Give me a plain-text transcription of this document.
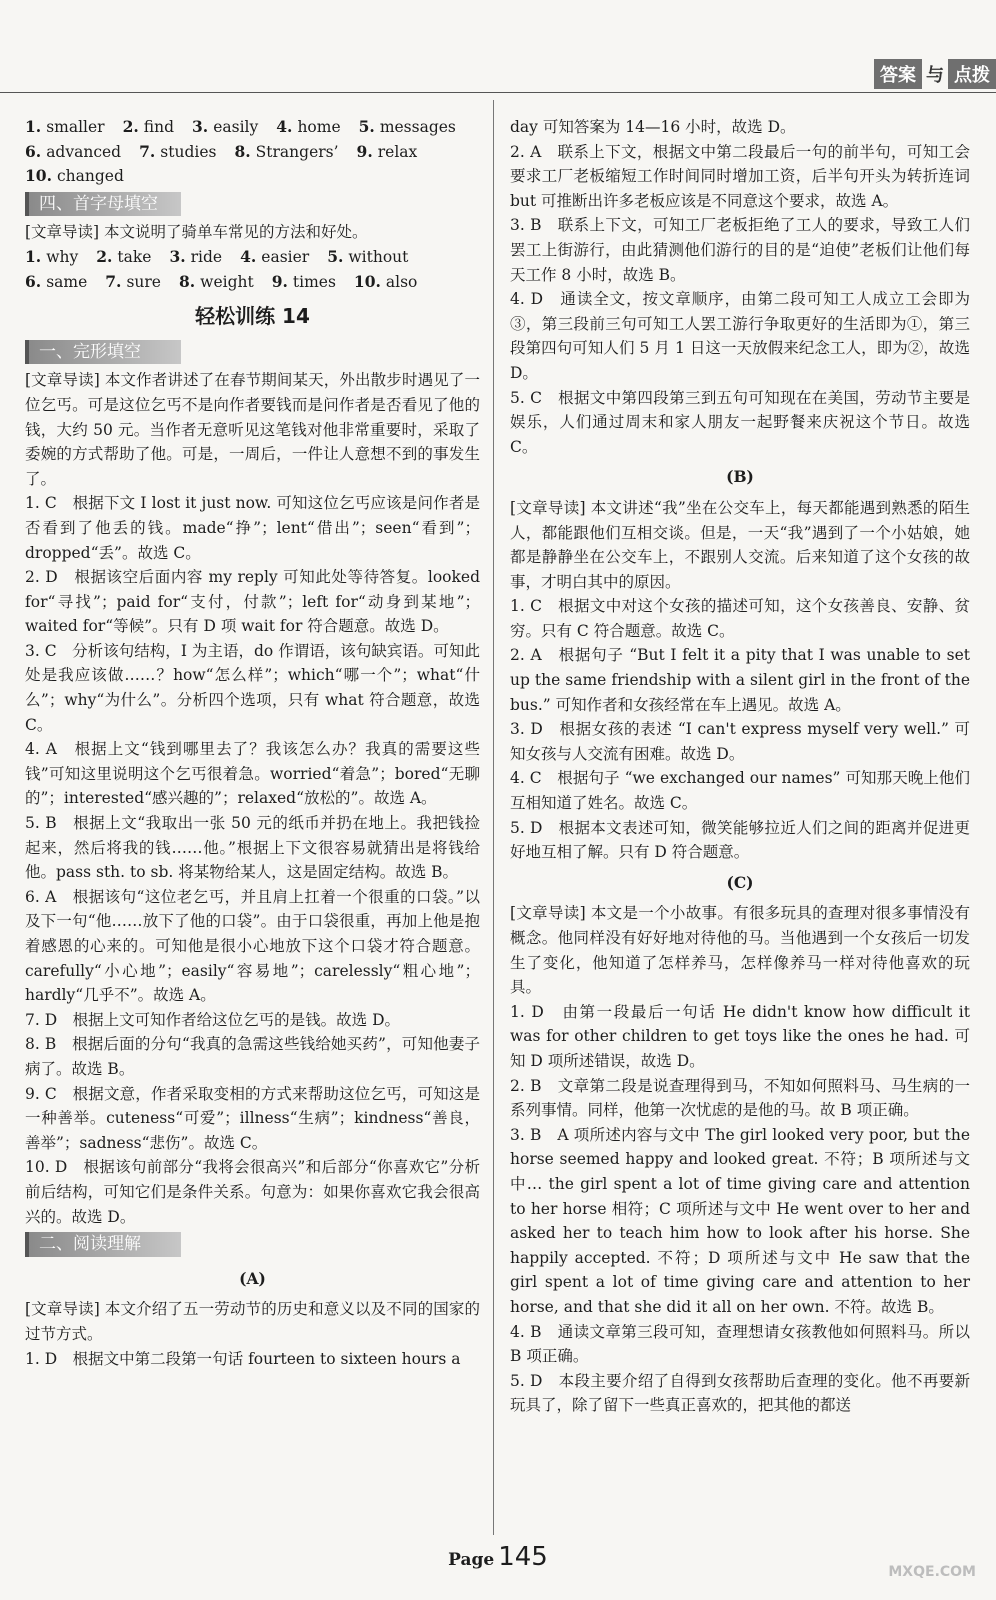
答案 与 点拨
1. smaller 2. find 3. easily 4. home 5. messages
6. advanced 7. studies 8. Strangers’ 9. relax
10. changed
四、首字母填空

[文章导读] 本文说明了骑单车常见的方法和好处。

1. why 2. take 3. ride 4. easier 5. without
6. same 7. sure 8. weight 9. times 10. also
轻松训练 14
一、完形填空

[文章导读] 本文作者讲述了在春节期间某天，外出散步时遇见了一位乞丐。可是这位乞丐不是向作者要钱而是问作者是否看见了他的钱，大约 50 元。当作者无意听见这笔钱对他非常重要时，采取了委婉的方式帮助了他。可是，一周后，一件让人意想不到的事发生了。

1. C　根据下文 I lost it just now. 可知这位乞丐应该是问作者是否看到了他丢的钱。made“挣”；lent“借出”；seen“看到”；dropped“丢”。故选 C。

2. D　根据该空后面内容 my reply 可知此处等待答复。looked for“寻找”；paid for“支付，付款”；left for“动身到某地”；waited for“等候”。只有 D 项 wait for 符合题意。故选 D。

3. C　分析该句结构，I 为主语，do 作谓语，该句缺宾语。可知此处是我应该做……？how“怎么样”；which“哪一个”；what“什么”；why“为什么”。分析四个选项，只有 what 符合题意，故选 C。

4. A　根据上文“钱到哪里去了？我该怎么办？我真的需要这些钱”可知这里说明这个乞丐很着急。worried“着急”；bored“无聊的”；interested“感兴趣的”；relaxed“放松的”。故选 A。

5. B　根据上文“我取出一张 50 元的纸币并扔在地上。我把钱捡起来，然后将我的钱……他。”根据上下文很容易就猜出是将钱给他。pass sth. to sb. 将某物给某人，这是固定结构。故选 B。

6. A　根据该句“这位老乞丐，并且肩上扛着一个很重的口袋。”以及下一句“他……放下了他的口袋”。由于口袋很重，再加上他是抱着感恩的心来的。可知他是很小心地放下这个口袋才符合题意。carefully“小心地”；easily“容易地”；carelessly“粗心地”；hardly“几乎不”。故选 A。

7. D　根据上文可知作者给这位乞丐的是钱。故选 D。

8. B　根据后面的分句“我真的急需这些钱给她买药”，可知他妻子病了。故选 B。

9. C　根据文意，作者采取变相的方式来帮助这位乞丐，可知这是一种善举。cuteness“可爱”；illness“生病”；kindness“善良，善举”；sadness“悲伤”。故选 C。

10. D　根据该句前部分“我将会很高兴”和后部分“你喜欢它”分析前后结构，可知它们是条件关系。句意为：如果你喜欢它我会很高兴的。故选 D。

二、阅读理解
(A)

[文章导读] 本文介绍了五一劳动节的历史和意义以及不同的国家的过节方式。

1. D　根据文中第二段第一句话 fourteen to sixteen hours a

day 可知答案为 14—16 小时，故选 D。

2. A　联系上下文，根据文中第二段最后一句的前半句，可知工会要求工厂老板缩短工作时间同时增加工资，后半句开头为转折连词 but 可推断出许多老板应该是不同意这个要求，故选 A。

3. B　联系上下文，可知工厂老板拒绝了工人的要求，导致工人们罢工上街游行，由此猜测他们游行的目的是“迫使”老板们让他们每天工作 8 小时，故选 B。

4. D　通读全文，按文章顺序，由第二段可知工人成立工会即为③，第三段前三句可知工人罢工游行争取更好的生活即为①，第三段第四句可知人们 5 月 1 日这一天放假来纪念工人，即为②，故选 D。

5. C　根据文中第四段第三到五句可知现在在美国，劳动节主要是娱乐，人们通过周末和家人朋友一起野餐来庆祝这个节日。故选 C。

(B)

[文章导读] 本文讲述“我”坐在公交车上，每天都能遇到熟悉的陌生人，都能跟他们互相交谈。但是，一天“我”遇到了一个小姑娘，她都是静静坐在公交车上，不跟别人交流。后来知道了这个女孩的故事，才明白其中的原因。

1. C　根据文中对这个女孩的描述可知，这个女孩善良、安静、贫穷。只有 C 符合题意。故选 C。

2. A　根据句子 “But I felt it a pity that I was unable to set up the same friendship with a silent girl in the front of the bus.” 可知作者和女孩经常在车上遇见。故选 A。

3. D　根据女孩的表述 “I can't express myself very well.” 可知女孩与人交流有困难。故选 D。

4. C　根据句子 “we exchanged our names” 可知那天晚上他们互相知道了姓名。故选 C。

5. D　根据本文表述可知，微笑能够拉近人们之间的距离并促进更好地互相了解。只有 D 符合题意。

(C)

[文章导读] 本文是一个小故事。有很多玩具的查理对很多事情没有概念。他同样没有好好地对待他的马。当他遇到一个女孩后一切发生了变化，他知道了怎样养马，怎样像养马一样对待他喜欢的玩具。

1. D　由第一段最后一句话 He didn't know how difficult it was for other children to get toys like the ones he had. 可知 D 项所述错误，故选 D。

2. B　文章第二段是说查理得到马，不知如何照料马、马生病的一系列事情。同样，他第一次忧虑的是他的马。故 B 项正确。

3. B　A 项所述内容与文中 The girl looked very poor, but the horse seemed happy and looked great. 不符；B 项所述与文中… the girl spent a lot of time giving care and attention to her horse 相符；C 项所述与文中 He went over to her and asked her to teach him how to look after his horse. She happily accepted. 不符；D 项所述与文中 He saw that the girl spent a lot of time giving care and attention to her horse, and that she did it all on her own. 不符。故选 B。

4. B　通读文章第三段可知，查理想请女孩教他如何照料马。所以 B 项正确。

5. D　本段主要介绍了自得到女孩帮助后查理的变化。他不再要新玩具了，除了留下一些真正喜欢的，把其他的都送

Page 145	MXQE.COM
